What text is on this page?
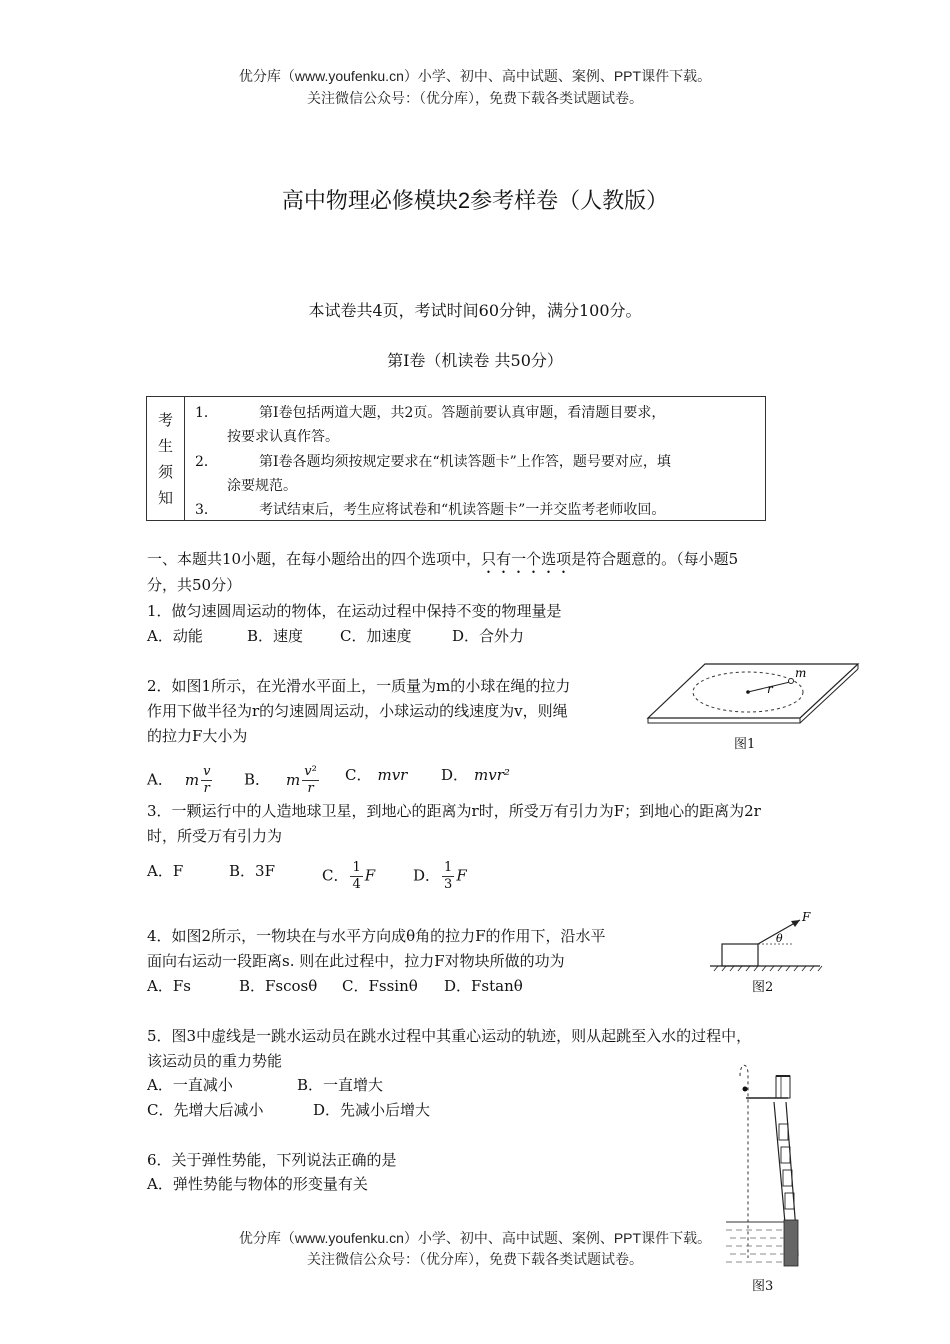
优分库（www.youfenku.cn）小学、初中、高中试题、案例、PPT课件下载。
关注微信公众号：（优分库），免费下载各类试题试卷。
高中物理必修模块2参考样卷（人教版）
本试卷共4页，考试时间60分钟，满分100分。
第I卷（机读卷 共50分）
考
生
须
知
1．	第I卷包括两道大题，共2页。答题前要认真审题，看清题目要求，
按要求认真作答。
2．	第I卷各题均须按规定要求在“机读答题卡”上作答，题号要对应，填
涂要规范。
3．	考试结束后，考生应将试卷和“机读答题卡”一并交监考老师收回。
一、本题共10小题，在每小题给出的四个选项中，只有一个选项是符合题意的。（每小题5
分，共50分）
1．做匀速圆周运动的物体，在运动过程中保持不变的物理量是
A．动能	B．速度 C．加速度	D．合外力
2．如图1所示，在光滑水平面上，一质量为m的小球在绳的拉力
作用下做半径为r的匀速圆周运动，小球运动的线速度为v，则绳
的拉力F大小为
A． m $\frac{v}{r}$ B． m $\frac{\text{v²}}{r}$ C． mvr D． mvr²
m
r
图1
3．一颗运行中的人造地球卫星，到地心的距离为r时，所受万有引力为F；到地心的距离为2r
时，所受万有引力为
A．F	B．3F	C． $\frac{1}{4}$ F	D． $\frac{1}{3}$ F
4．如图2所示，一物块在与水平方向成θ角的拉力F的作用下，沿水平
面向右运动一段距离s. 则在此过程中，拉力F对物块所做的功为
A．Fs	B．Fscosθ C．Fssinθ D．Fstanθ
F
θ
图2
5．图3中虚线是一跳水运动员在跳水过程中其重心运动的轨迹，则从起跳至入水的过程中，
该运动员的重力势能
A．一直减小	B．一直增大
C．先增大后减小	D．先减小后增大
图3
6．关于弹性势能，下列说法正确的是
A．弹性势能与物体的形变量有关
优分库（www.youfenku.cn）小学、初中、高中试题、案例、PPT课件下载。
关注微信公众号：（优分库），免费下载各类试题试卷。
